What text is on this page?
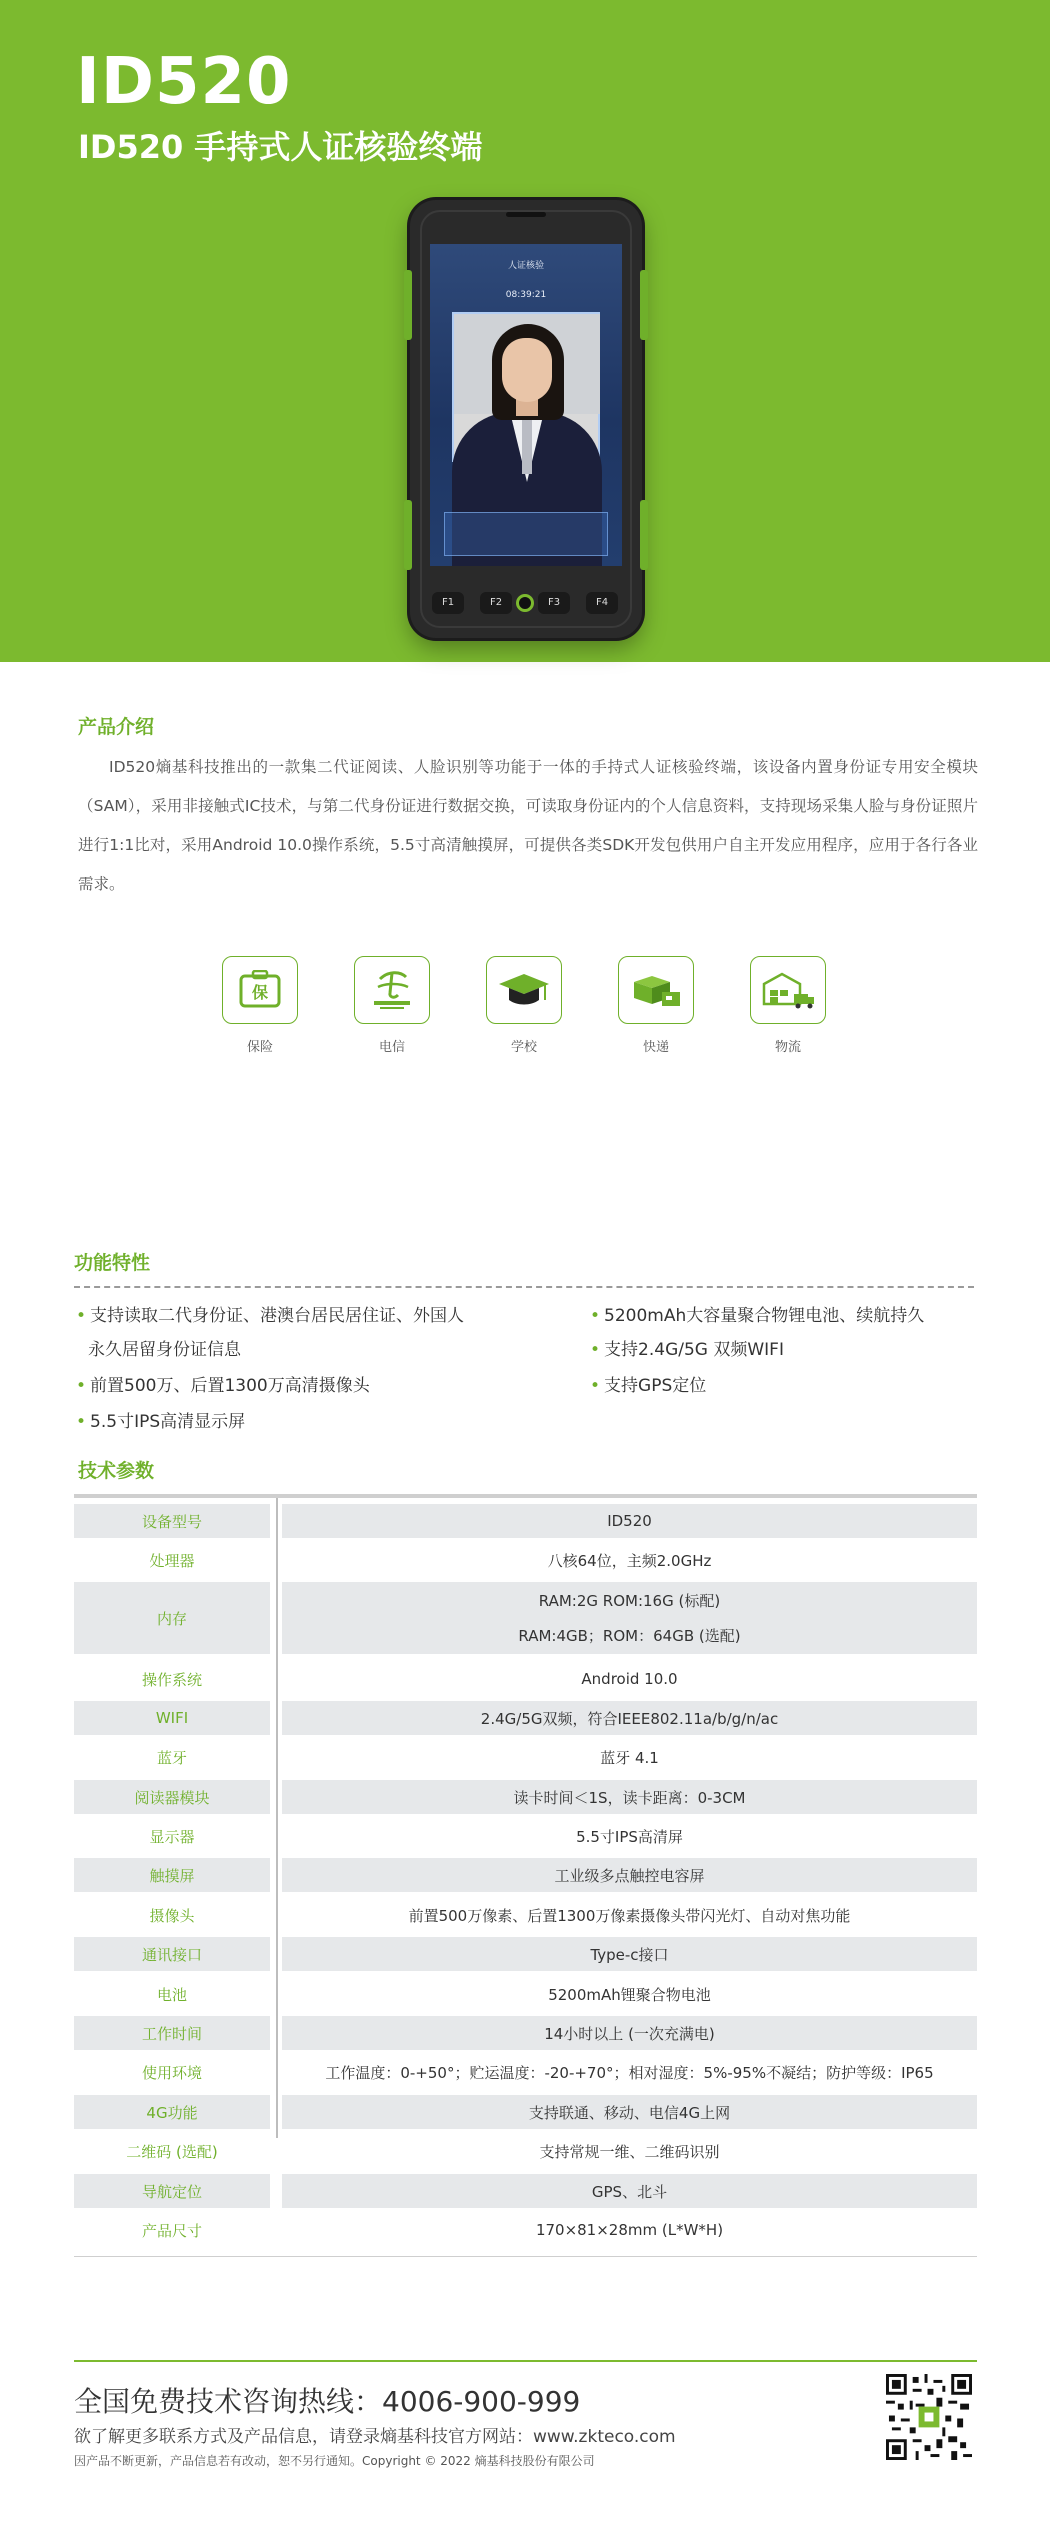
ID520
ID520 手持式人证核验终端
人证核验
08:39:21
F1	F2	F3	F4
产品介绍

ID520熵基科技推出的一款集二代证阅读、人脸识别等功能于一体的手持式人证核验终端，该设备内置身份证专用安全模块（SAM），采用非接触式IC技术，与第二代身份证进行数据交换，可读取身份证内的个人信息资料，支持现场采集人脸与身份证照片进行1:1比对，采用Android 10.0操作系统，5.5寸高清触摸屏，可提供各类SDK开发包供用户自主开发应用程序，应用于各行各业需求。

保
保险	电信	学校	快递	物流
功能特性
• 支持读取二代身份证、港澳台居民居住证、外国人
永久居留身份证信息
• 前置500万、后置1300万高清摄像头
• 5.5寸IPS高清显示屏
• 5200mAh大容量聚合物锂电池、续航持久
• 支持2.4G/5G 双频WIFI
• 支持GPS定位
技术参数
设备型号	ID520
处理器	八核64位，主频2.0GHz
内存
RAM:2G ROM:16G (标配)
RAM:4GB；ROM：64GB (选配)
操作系统	Android 10.0
WIFI	2.4G/5G双频，符合IEEE802.11a/b/g/n/ac
蓝牙	蓝牙 4.1
阅读器模块	读卡时间＜1S，读卡距离：0-3CM
显示器	5.5寸IPS高清屏
触摸屏	工业级多点触控电容屏
摄像头	前置500万像素、后置1300万像素摄像头带闪光灯、自动对焦功能
通讯接口	Type-c接口
电池	5200mAh锂聚合物电池
工作时间	14小时以上 (一次充满电)
使用环境	工作温度：0-+50°；贮运温度：-20-+70°；相对湿度：5%-95%不凝结；防护等级：IP65
4G功能	支持联通、移动、电信4G上网
二维码 (选配)	支持常规一维、二维码识别
导航定位	GPS、北斗
产品尺寸	170×81×28mm (L*W*H)
全国免费技术咨询热线：4006-900-999
欲了解更多联系方式及产品信息，请登录熵基科技官方网站：www.zkteco.com
因产品不断更新，产品信息若有改动，恕不另行通知。Copyright © 2022 熵基科技股份有限公司
